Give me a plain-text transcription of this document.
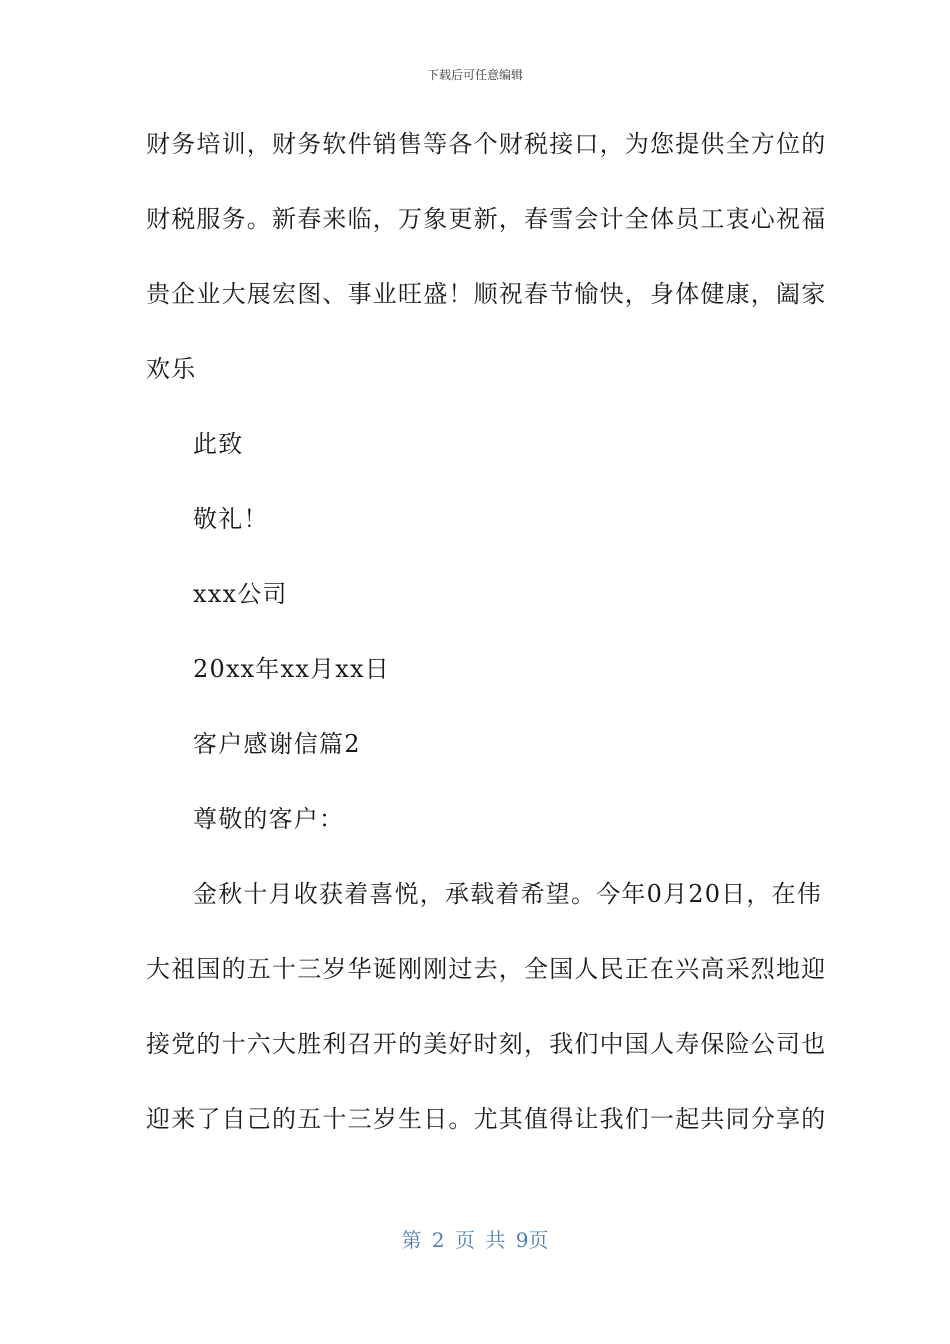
下载后可任意编辑
财务培训，财务软件销售等各个财税接口，为您提供全方位的
财税服务。新春来临，万象更新，春雪会计全体员工衷心祝福
贵企业大展宏图、事业旺盛！顺祝春节愉快，身体健康，阖家
欢乐
此致
敬礼！
xxx公司
20xx年xx月xx日
客户感谢信篇2
尊敬的客户：
金秋十月收获着喜悦，承载着希望。今年0月20日，在伟
大祖国的五十三岁华诞刚刚过去，全国人民正在兴高采烈地迎
接党的十六大胜利召开的美好时刻，我们中国人寿保险公司也
迎来了自己的五十三岁生日。尤其值得让我们一起共同分享的
第 2 页 共 9页
